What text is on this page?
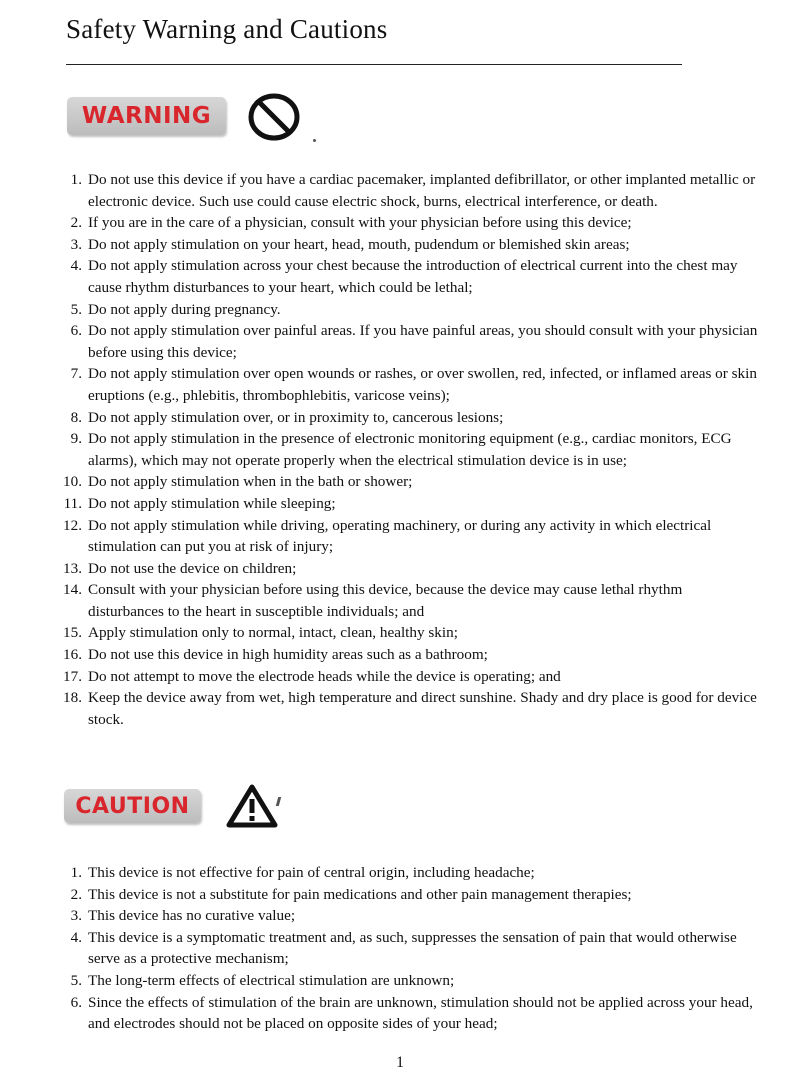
Safety Warning and Cautions
WARNING
1. Do not use this device if you have a cardiac pacemaker, implanted defibrillator, or other implanted metallic or electronic device. Such use could cause electric shock, burns, electrical interference, or death.
2. If you are in the care of a physician, consult with your physician before using this device;
3. Do not apply stimulation on your heart, head, mouth, pudendum or blemished skin areas;
4. Do not apply stimulation across your chest because the introduction of electrical current into the chest may cause rhythm disturbances to your heart, which could be lethal;
5. Do not apply during pregnancy.
6. Do not apply stimulation over painful areas. If you have painful areas, you should consult with your physician before using this device;
7. Do not apply stimulation over open wounds or rashes, or over swollen, red, infected, or inflamed areas or skin eruptions (e.g., phlebitis, thrombophlebitis, varicose veins);
8. Do not apply stimulation over, or in proximity to, cancerous lesions;
9. Do not apply stimulation in the presence of electronic monitoring equipment (e.g., cardiac monitors, ECG alarms), which may not operate properly when the electrical stimulation device is in use;
10. Do not apply stimulation when in the bath or shower;
11. Do not apply stimulation while sleeping;
12. Do not apply stimulation while driving, operating machinery, or during any activity in which electrical stimulation can put you at risk of injury;
13. Do not use the device on children;
14. Consult with your physician before using this device, because the device may cause lethal rhythm disturbances to the heart in susceptible individuals; and
15. Apply stimulation only to normal, intact, clean, healthy skin;
16. Do not use this device in high humidity areas such as a bathroom;
17. Do not attempt to move the electrode heads while the device is operating; and
18. Keep the device away from wet, high temperature and direct sunshine. Shady and dry place is good for device stock.
CAUTION
1. This device is not effective for pain of central origin, including headache;
2. This device is not a substitute for pain medications and other pain management therapies;
3. This device has no curative value;
4. This device is a symptomatic treatment and, as such, suppresses the sensation of pain that would otherwise serve as a protective mechanism;
5. The long-term effects of electrical stimulation are unknown;
6. Since the effects of stimulation of the brain are unknown, stimulation should not be applied across your head, and electrodes should not be placed on opposite sides of your head;
1
